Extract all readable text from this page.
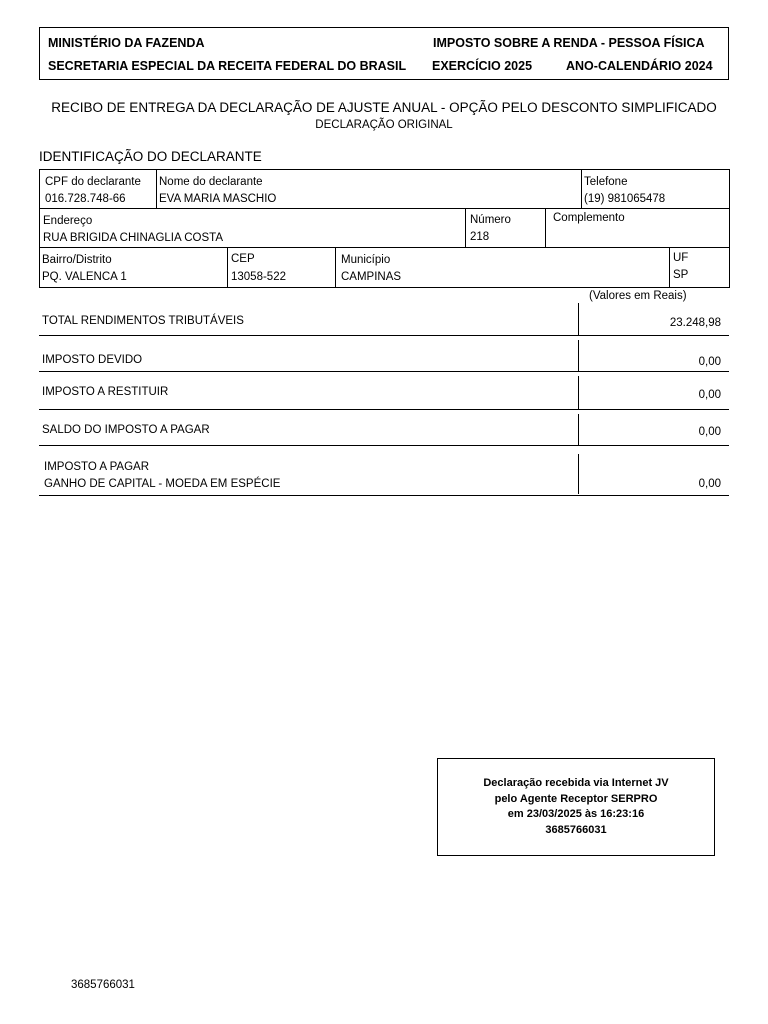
MINISTÉRIO DA FAZENDA	IMPOSTO SOBRE A RENDA - PESSOA FÍSICA
SECRETARIA ESPECIAL DA RECEITA FEDERAL DO BRASIL EXERCÍCIO 2025	ANO-CALENDÁRIO 2024
RECIBO DE ENTREGA DA DECLARAÇÃO DE AJUSTE ANUAL - OPÇÃO PELO DESCONTO SIMPLIFICADO
DECLARAÇÃO ORIGINAL
IDENTIFICAÇÃO DO DECLARANTE
CPF do declarante
016.728.748-66
Nome do declarante
EVA MARIA MASCHIO
Telefone
(19) 981065478
Endereço
RUA BRIGIDA CHINAGLIA COSTA
Número
218
Complemento
Bairro/Distrito
PQ. VALENCA 1
CEP
13058-522
Município
CAMPINAS
UF
SP
(Valores em Reais)
TOTAL RENDIMENTOS TRIBUTÁVEIS	23.248,98
IMPOSTO DEVIDO	0,00
IMPOSTO A RESTITUIR	0,00
SALDO DO IMPOSTO A PAGAR	0,00
IMPOSTO A PAGAR
GANHO DE CAPITAL - MOEDA EM ESPÉCIE	0,00
Declaração recebida via Internet JV
pelo Agente Receptor SERPRO
em 23/03/2025 às 16:23:16
3685766031
3685766031
